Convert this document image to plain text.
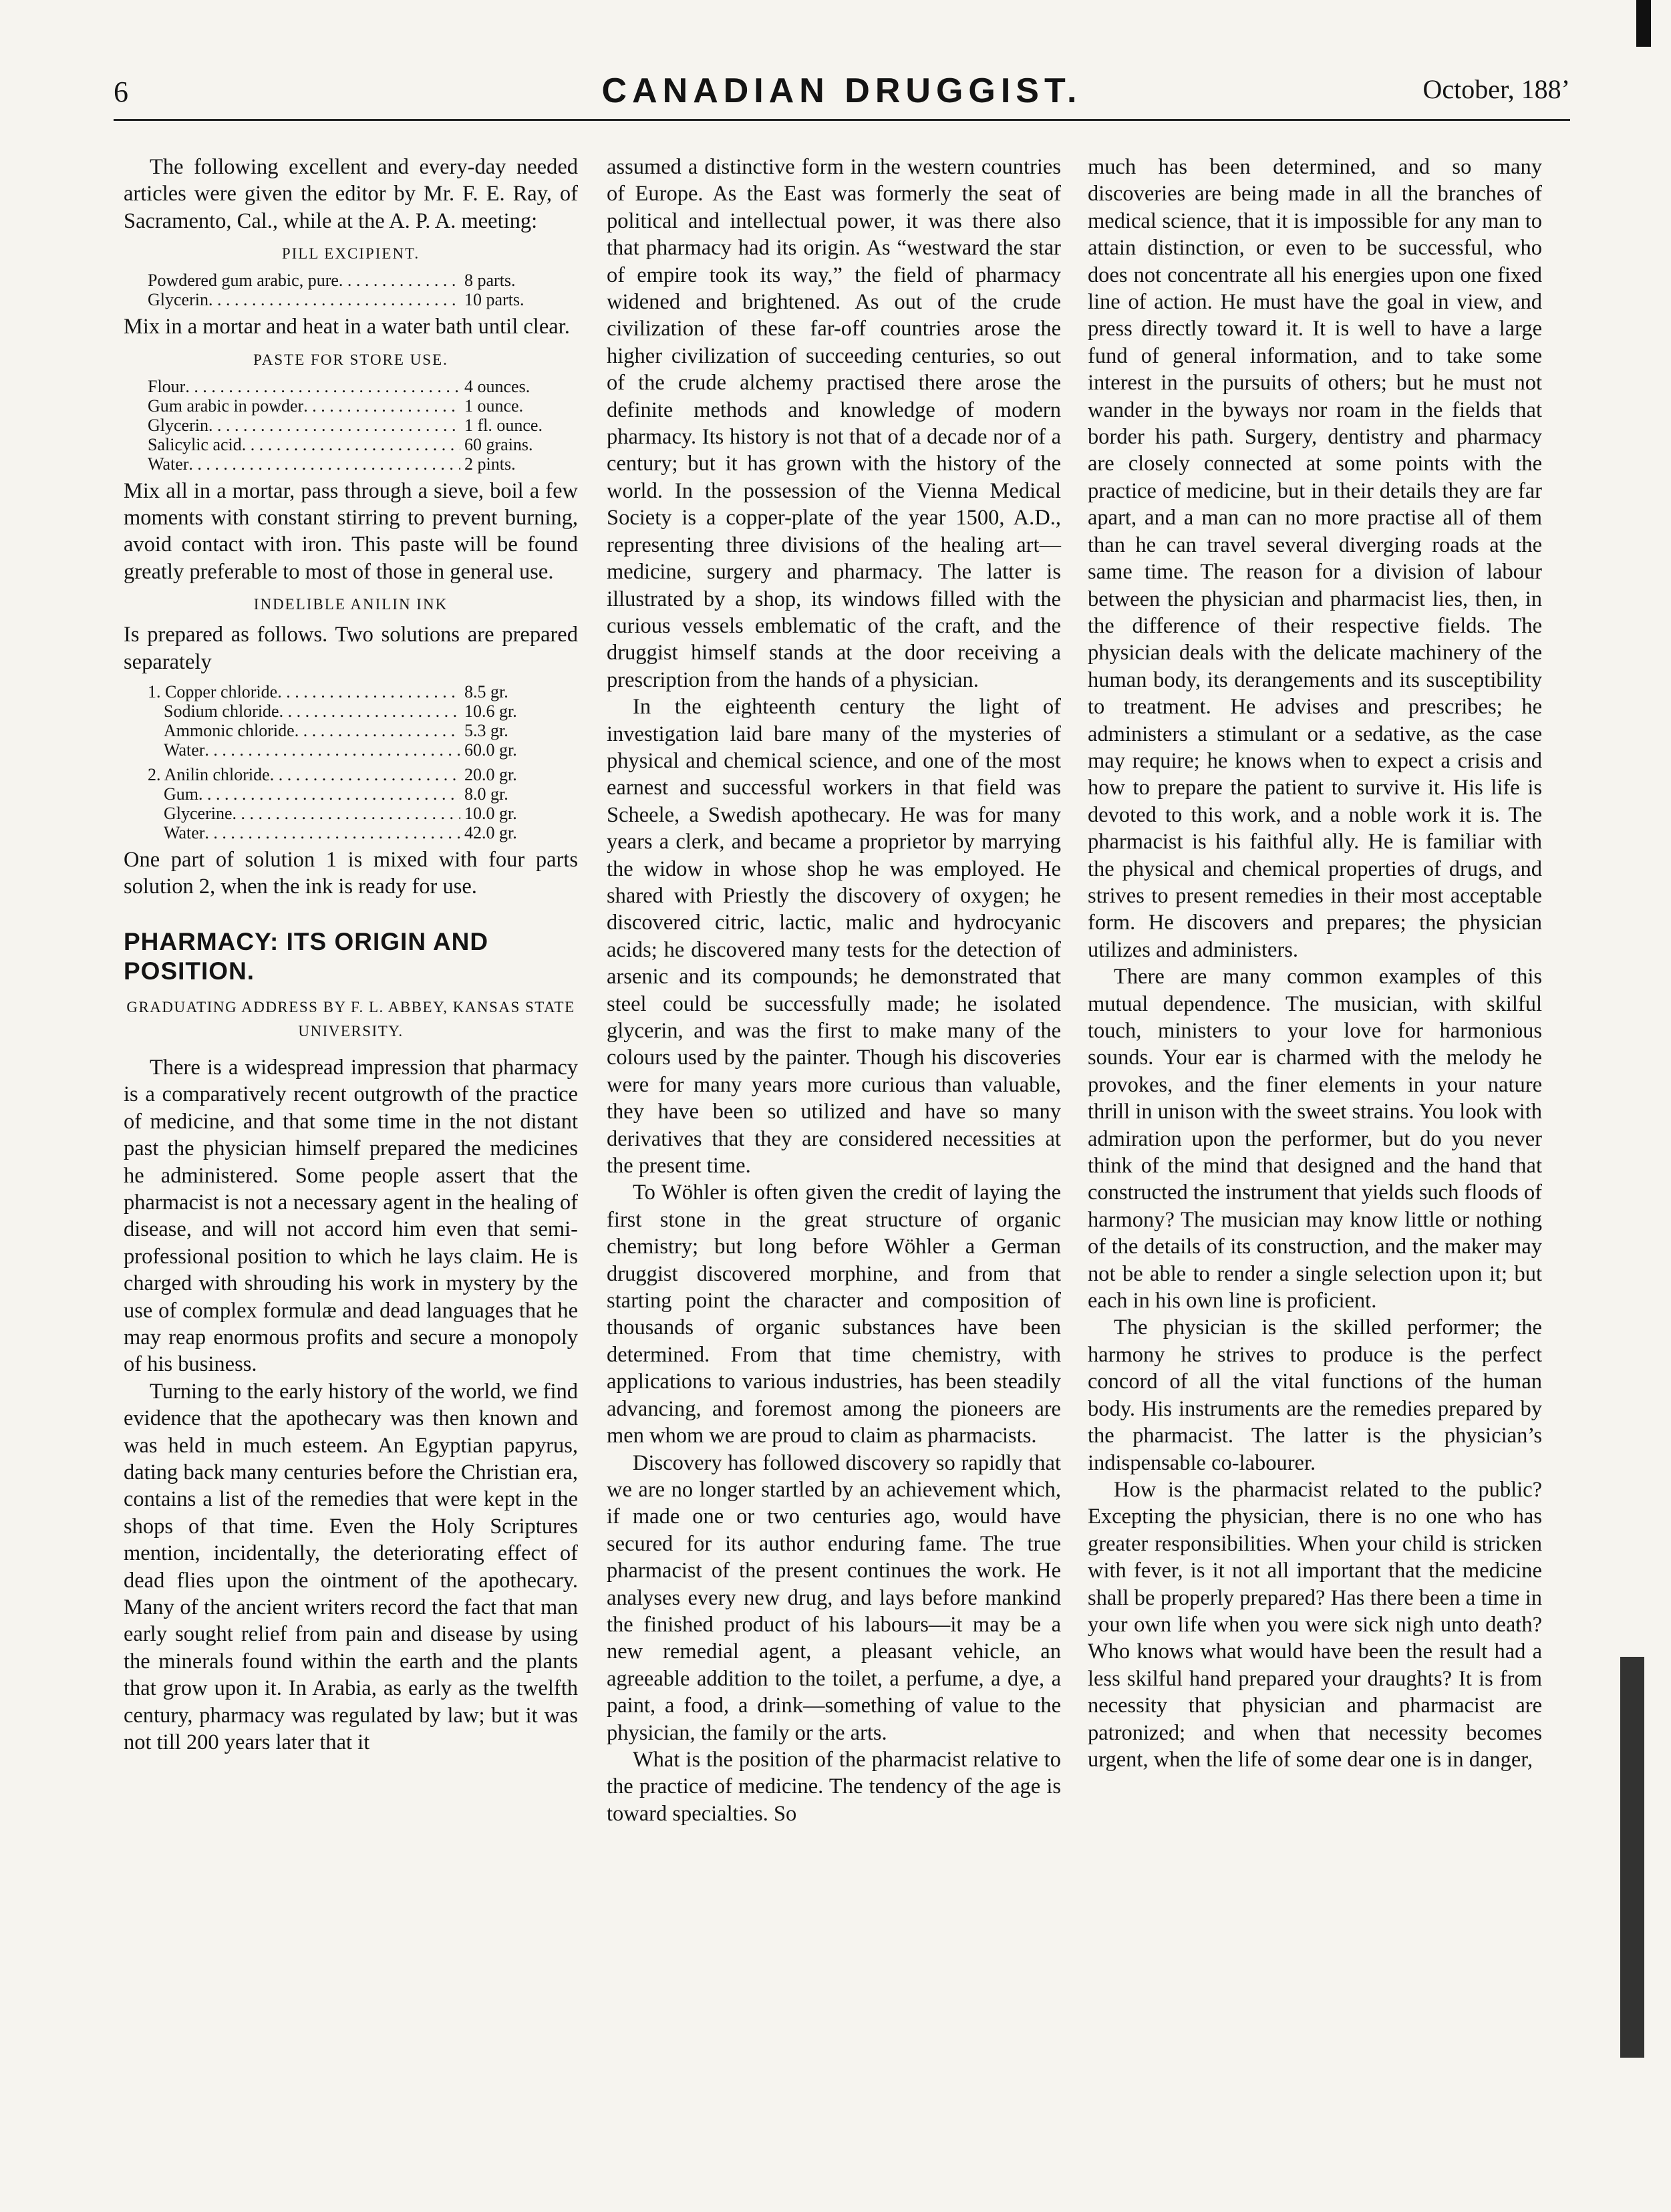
6	CANADIAN DRUGGIST.	October, 188’

The following excellent and every-day needed articles were given the editor by Mr. F. E. Ray, of Sacramento, Cal., while at the A. P. A. meeting:

PILL EXCIPIENT.
Powdered gum arabic, pure . . .	8 parts.
Glycerin . . .	10 parts.

Mix in a mortar and heat in a water bath until clear.

PASTE FOR STORE USE.
Flour . . .	4 ounces.
Gum arabic in powder . . .	1 ounce.
Glycerin . . .	1 fl. ounce.
Salicylic acid . . .	60 grains.
Water . . .	2 pints.

Mix all in a mortar, pass through a sieve, boil a few moments with constant stirring to prevent burning, avoid contact with iron. This paste will be found greatly preferable to most of those in general use.

INDELIBLE ANILIN INK

Is prepared as follows. Two solutions are prepared separately

1. Copper chloride . . .	8.5 gr.
Sodium chloride . . .	10.6 gr.
Ammonic chloride . . .	5.3 gr.
Water . . .	60.0 gr.
2. Anilin chloride . . .	20.0 gr.
Gum . . .	8.0 gr.
Glycerine . . .	10.0 gr.
Water . . .	42.0 gr.

One part of solution 1 is mixed with four parts solution 2, when the ink is ready for use.

PHARMACY: ITS ORIGIN AND POSITION.
GRADUATING ADDRESS BY F. L. ABBEY, KANSAS STATE UNIVERSITY.

There is a widespread impression that pharmacy is a comparatively recent outgrowth of the practice of medicine, and that some time in the not distant past the physician himself prepared the medicines he administered. Some people assert that the pharmacist is not a necessary agent in the healing of disease, and will not accord him even that semi-professional position to which he lays claim. He is charged with shrouding his work in mystery by the use of complex formulæ and dead languages that he may reap enormous profits and secure a monopoly of his business.

Turning to the early history of the world, we find evidence that the apothecary was then known and was held in much esteem. An Egyptian papyrus, dating back many centuries before the Christian era, contains a list of the remedies that were kept in the shops of that time. Even the Holy Scriptures mention, incidentally, the deteriorating effect of dead flies upon the ointment of the apothecary. Many of the ancient writers record the fact that man early sought relief from pain and disease by using the minerals found within the earth and the plants that grow upon it. In Arabia, as early as the twelfth century, pharmacy was regulated by law; but it was not till 200 years later that it

assumed a distinctive form in the western countries of Europe. As the East was formerly the seat of political and intellectual power, it was there also that pharmacy had its origin. As “westward the star of empire took its way,” the field of pharmacy widened and brightened. As out of the crude civilization of these far-off countries arose the higher civilization of succeeding centuries, so out of the crude alchemy practised there arose the definite methods and knowledge of modern pharmacy. Its history is not that of a decade nor of a century; but it has grown with the history of the world. In the possession of the Vienna Medical Society is a copper-plate of the year 1500, A.D., representing three divisions of the healing art—medicine, surgery and pharmacy. The latter is illustrated by a shop, its windows filled with the curious vessels emblematic of the craft, and the druggist himself stands at the door receiving a prescription from the hands of a physician.

In the eighteenth century the light of investigation laid bare many of the mysteries of physical and chemical science, and one of the most earnest and successful workers in that field was Scheele, a Swedish apothecary. He was for many years a clerk, and became a proprietor by marrying the widow in whose shop he was employed. He shared with Priestly the discovery of oxygen; he discovered citric, lactic, malic and hydrocyanic acids; he discovered many tests for the detection of arsenic and its compounds; he demonstrated that steel could be successfully made; he isolated glycerin, and was the first to make many of the colours used by the painter. Though his discoveries were for many years more curious than valuable, they have been so utilized and have so many derivatives that they are considered necessities at the present time.

To Wöhler is often given the credit of laying the first stone in the great structure of organic chemistry; but long before Wöhler a German druggist discovered morphine, and from that starting point the character and composition of thousands of organic substances have been determined. From that time chemistry, with applications to various industries, has been steadily advancing, and foremost among the pioneers are men whom we are proud to claim as pharmacists.

Discovery has followed discovery so rapidly that we are no longer startled by an achievement which, if made one or two centuries ago, would have secured for its author enduring fame. The true pharmacist of the present continues the work. He analyses every new drug, and lays before mankind the finished product of his labours—it may be a new remedial agent, a pleasant vehicle, an agreeable addition to the toilet, a perfume, a dye, a paint, a food, a drink—something of value to the physician, the family or the arts.

What is the position of the pharmacist relative to the practice of medicine. The tendency of the age is toward specialties. So

much has been determined, and so many discoveries are being made in all the branches of medical science, that it is impossible for any man to attain distinction, or even to be successful, who does not concentrate all his energies upon one fixed line of action. He must have the goal in view, and press directly toward it. It is well to have a large fund of general information, and to take some interest in the pursuits of others; but he must not wander in the byways nor roam in the fields that border his path. Surgery, dentistry and pharmacy are closely connected at some points with the practice of medicine, but in their details they are far apart, and a man can no more practise all of them than he can travel several diverging roads at the same time. The reason for a division of labour between the physician and pharmacist lies, then, in the difference of their respective fields. The physician deals with the delicate machinery of the human body, its derangements and its susceptibility to treatment. He advises and prescribes; he administers a stimulant or a sedative, as the case may require; he knows when to expect a crisis and how to prepare the patient to survive it. His life is devoted to this work, and a noble work it is. The pharmacist is his faithful ally. He is familiar with the physical and chemical properties of drugs, and strives to present remedies in their most acceptable form. He discovers and prepares; the physician utilizes and administers.

There are many common examples of this mutual dependence. The musician, with skilful touch, ministers to your love for harmonious sounds. Your ear is charmed with the melody he provokes, and the finer elements in your nature thrill in unison with the sweet strains. You look with admiration upon the performer, but do you never think of the mind that designed and the hand that constructed the instrument that yields such floods of harmony? The musician may know little or nothing of the details of its construction, and the maker may not be able to render a single selection upon it; but each in his own line is proficient.

The physician is the skilled performer; the harmony he strives to produce is the perfect concord of all the vital functions of the human body. His instruments are the remedies prepared by the pharmacist. The latter is the physician’s indispensable co-labourer.

How is the pharmacist related to the public? Excepting the physician, there is no one who has greater responsibilities. When your child is stricken with fever, is it not all important that the medicine shall be properly prepared? Has there been a time in your own life when you were sick nigh unto death? Who knows what would have been the result had a less skilful hand prepared your draughts? It is from necessity that physician and pharmacist are patronized; and when that necessity becomes urgent, when the life of some dear one is in danger,
